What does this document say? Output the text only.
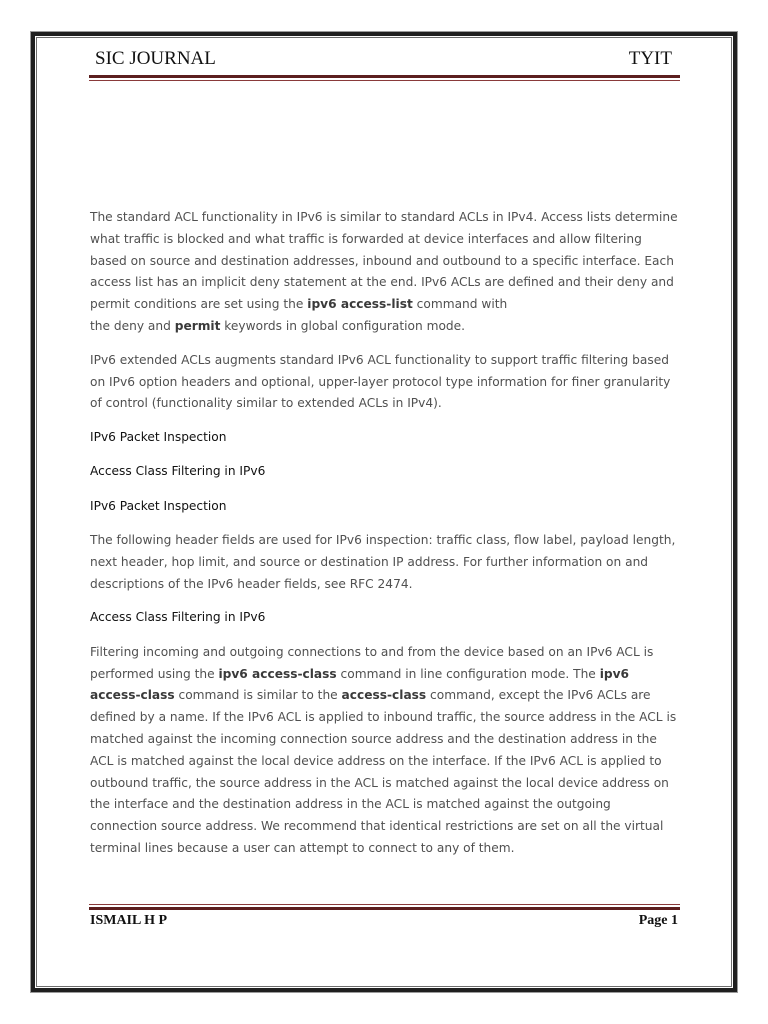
SIC JOURNAL	TYIT

The standard ACL functionality in IPv6 is similar to standard ACLs in IPv4. Access lists determine what traffic is blocked and what traffic is forwarded at device interfaces and allow filtering based on source and destination addresses, inbound and outbound to a specific interface. Each access list has an implicit deny statement at the end. IPv6 ACLs are defined and their deny and permit conditions are set using the ipv6 access-list command with
the deny and permit keywords in global configuration mode.

IPv6 extended ACLs augments standard IPv6 ACL functionality to support traffic filtering based on IPv6 option headers and optional, upper-layer protocol type information for finer granularity of control (functionality similar to extended ACLs in IPv4).

IPv6 Packet Inspection

Access Class Filtering in IPv6

IPv6 Packet Inspection

The following header fields are used for IPv6 inspection: traffic class, flow label, payload length, next header, hop limit, and source or destination IP address. For further information on and descriptions of the IPv6 header fields, see RFC 2474.

Access Class Filtering in IPv6

Filtering incoming and outgoing connections to and from the device based on an IPv6 ACL is performed using the ipv6 access-class command in line configuration mode. The ipv6 access-class command is similar to the access-class command, except the IPv6 ACLs are defined by a name. If the IPv6 ACL is applied to inbound traffic, the source address in the ACL is matched against the incoming connection source address and the destination address in the ACL is matched against the local device address on the interface. If the IPv6 ACL is applied to outbound traffic, the source address in the ACL is matched against the local device address on the interface and the destination address in the ACL is matched against the outgoing connection source address. We recommend that identical restrictions are set on all the virtual terminal lines because a user can attempt to connect to any of them.

ISMAIL H P	Page 1
